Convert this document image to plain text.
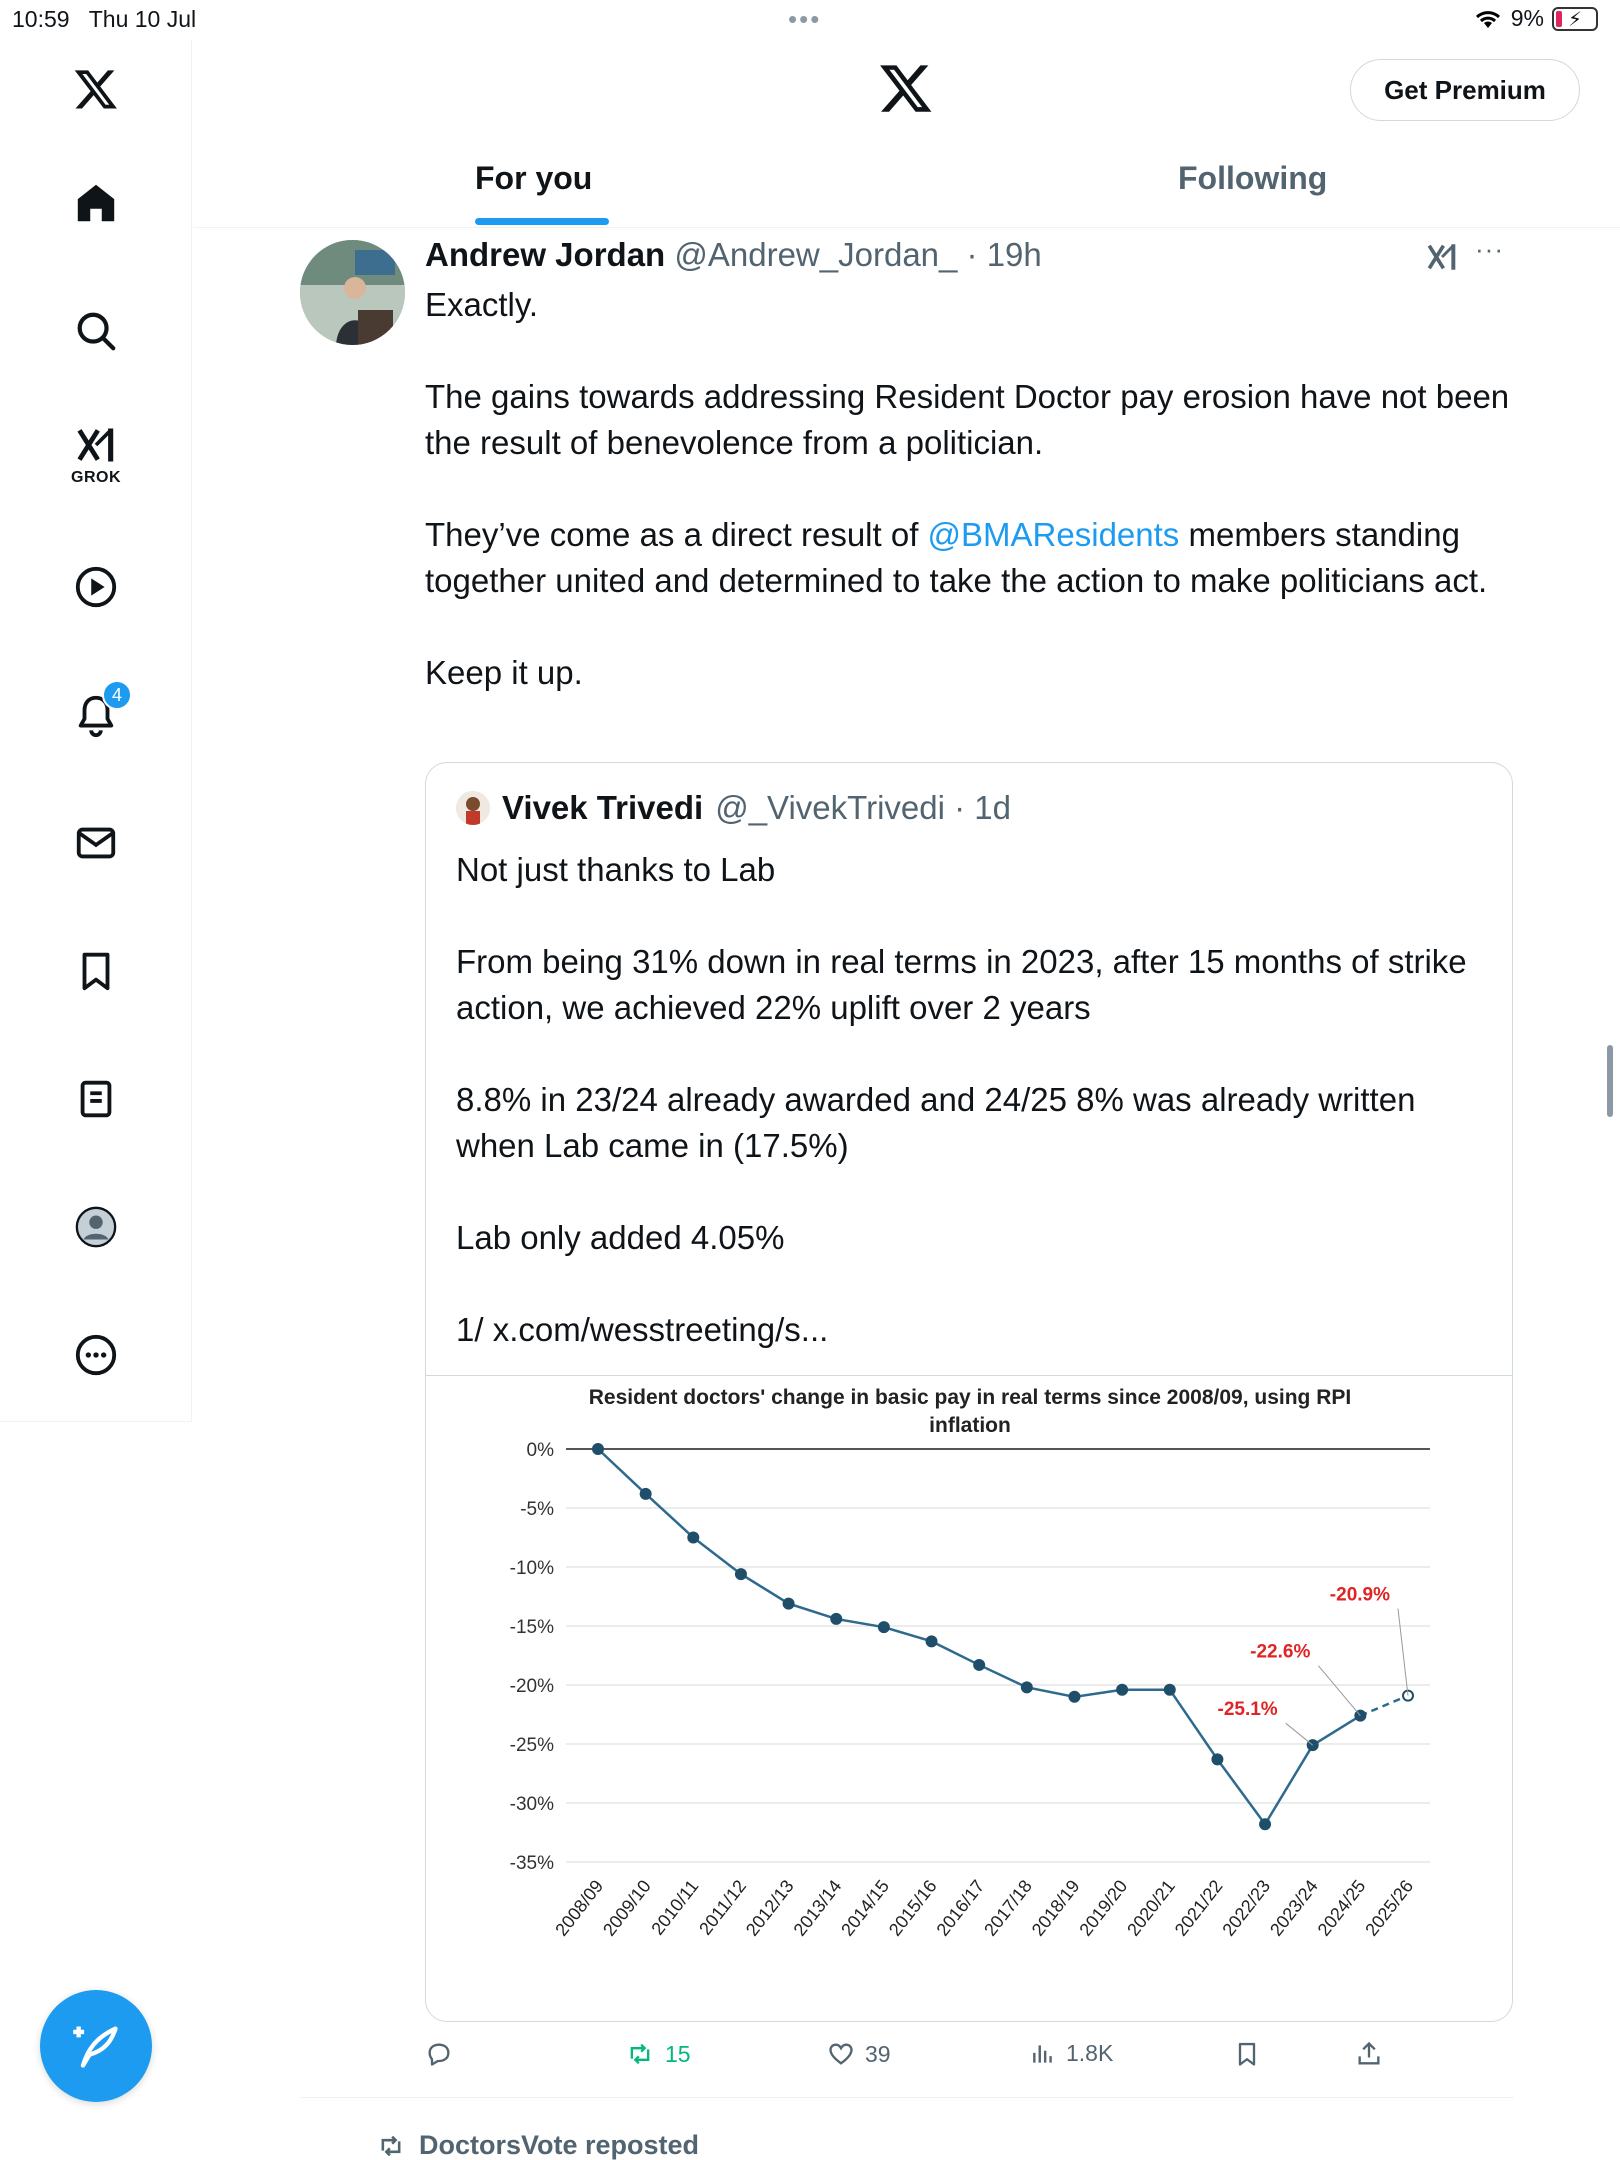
10:59 Thu 10 Jul	•••	9% ⚡
GROK
4
Get Premium
For you	Following
Andrew Jordan @Andrew_Jordan_ · 19h	···

Exactly.

The gains towards addressing Resident Doctor pay erosion have not been the result of benevolence from a politician.

They’ve come as a direct result of @BMAResidents members standing together united and determined to take the action to make politicians act.

Keep it up.

Vivek Trivedi @_VivekTrivedi · 1d

Not just thanks to Lab

From being 31% down in real terms in 2023, after 15 months of strike action, we achieved 22% uplift over 2 years

8.8% in 23/24 already awarded and 24/25 8% was already written when Lab came in (17.5%)

Lab only added 4.05%

1/ x.com/wesstreeting/s...

Resident doctors' change in basic pay in real terms since 2008/09, using RPI
inflation
0%
-5%
-10%
-15%
-20%
-25%
-30%
-35%
2008/09
2009/10
2010/11
2011/12
2012/13
2013/14
2014/15
2015/16
2016/17
2017/18
2018/19
2019/20
2020/21
2021/22
2022/23
2023/24
2024/25
2025/26
-25.1%
-22.6%
-20.9%
15	39	1.8K
DoctorsVote reposted
